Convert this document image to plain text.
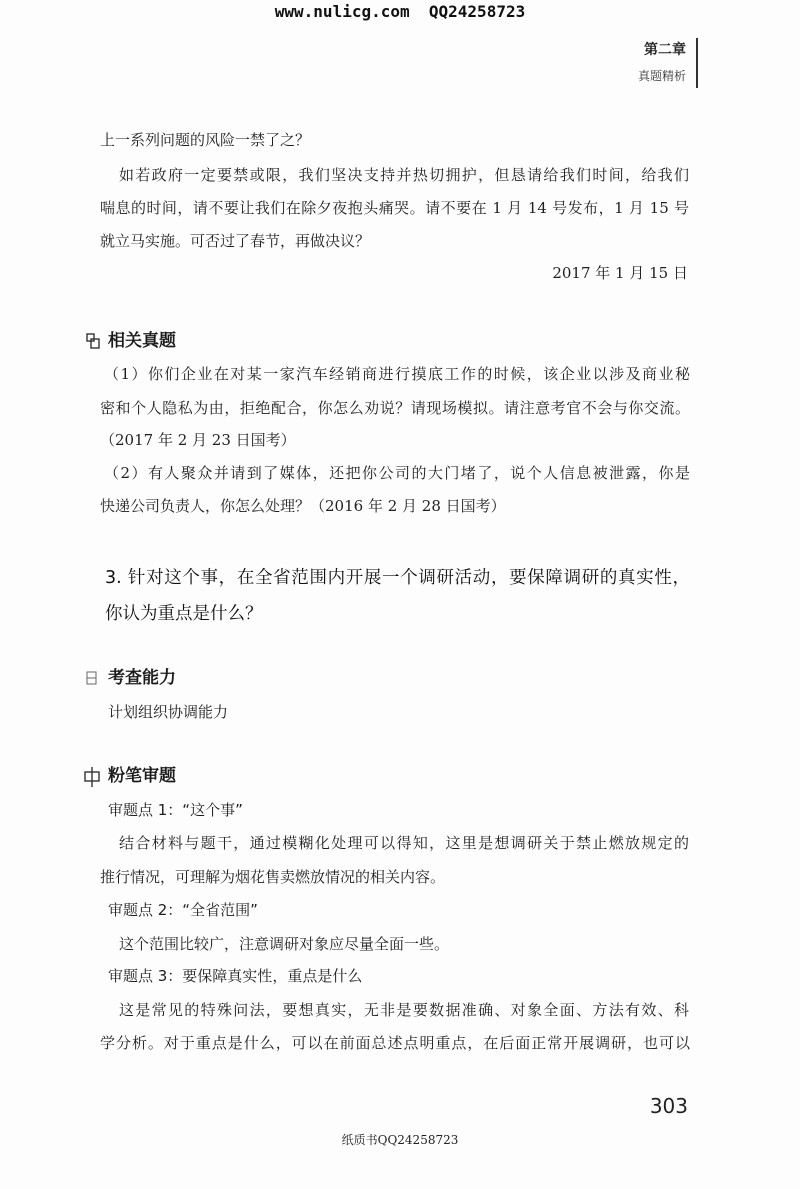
www.nulicg.com  QQ24258723
第二章
真题精析
上一系列问题的风险一禁了之？
如若政府一定要禁或限，我们坚决支持并热切拥护，但恳请给我们时间，给我们
喘息的时间，请不要让我们在除夕夜抱头痛哭。请不要在 1 月 14 号发布，1 月 15 号
就立马实施。可否过了春节，再做决议？
2017 年 1 月 15 日
相关真题
（1）你们企业在对某一家汽车经销商进行摸底工作的时候，该企业以涉及商业秘
密和个人隐私为由，拒绝配合，你怎么劝说？请现场模拟。请注意考官不会与你交流。
（2017 年 2 月 23 日国考）
（2）有人聚众并请到了媒体，还把你公司的大门堵了，说个人信息被泄露，你是
快递公司负责人，你怎么处理？（2016 年 2 月 28 日国考）
3. 针对这个事，在全省范围内开展一个调研活动，要保障调研的真实性，
你认为重点是什么？
考查能力
计划组织协调能力
粉笔审题
审题点 1：“这个事”
结合材料与题干，通过模糊化处理可以得知，这里是想调研关于禁止燃放规定的
推行情况，可理解为烟花售卖燃放情况的相关内容。
审题点 2：“全省范围”
这个范围比较广，注意调研对象应尽量全面一些。
审题点 3：要保障真实性，重点是什么
这是常见的特殊问法，要想真实，无非是要数据准确、对象全面、方法有效、科
学分析。对于重点是什么，可以在前面总述点明重点，在后面正常开展调研，也可以
303
纸质书QQ24258723
